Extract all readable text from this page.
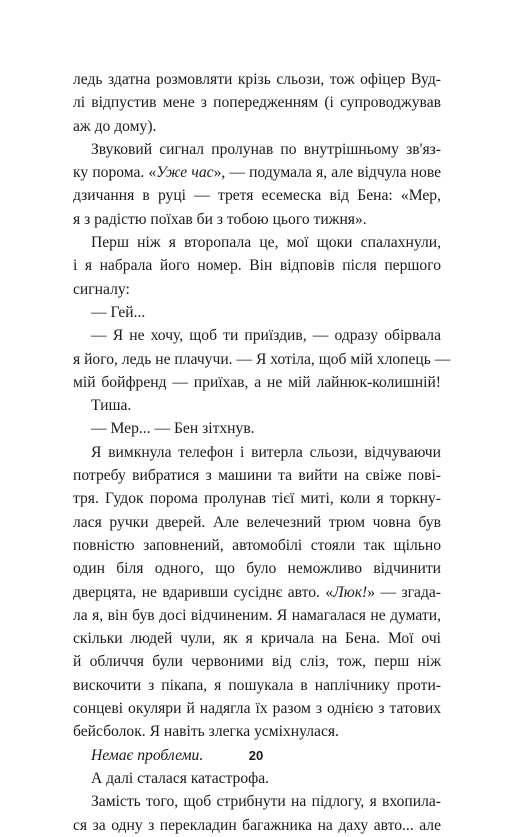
ледь здатна розмовляти крізь сльози, тож офіцер Вуд-
лі відпустив мене з попередженням (і супроводжував
аж до дому).
Звуковий сигнал пролунав по внутрішньому зв'яз-
ку порома. «Уже час», — подумала я, але відчула нове
дзичання в руці — третя есемеска від Бена: «Мер,
я з радістю поїхав би з тобою цього тижня».
Перш ніж я второпала це, мої щоки спалахнули,
і я набрала його номер. Він відповів після першого
сигналу:
— Гей...
— Я не хочу, щоб ти приїздив, — одразу обірвала
я його, ледь не плачучи. — Я хотіла, щоб мій хлопець —
мій бойфренд — приїхав, а не мій лайнюк-колишній!
Тиша.
— Мер... — Бен зітхнув.
Я вимкнула телефон і витерла сльози, відчуваючи
потребу вибратися з машини та вийти на свіже пові-
тря. Гудок порома пролунав тієї миті, коли я торкну-
лася ручки дверей. Але велечезний трюм човна був
повністю заповнений, автомобілі стояли так щільно
один біля одного, що було неможливо відчинити
дверцята, не вдаривши сусіднє авто. «Люк!» — згада-
ла я, він був досі відчиненим. Я намагалася не думати,
скільки людей чули, як я кричала на Бена. Мої очі
й обличчя були червоними від сліз, тож, перш ніж
вискочити з пікапа, я пошукала в наплічнику проти-
сонцеві окуляри й надягла їх разом з однією з татових
бейсболок. Я навіть злегка усміхнулася.
Немає проблеми.
А далі сталася катастрофа.
Замість того, щоб стрибнути на підлогу, я вхопила-
ся за одну з перекладин багажника на даху авто... але
20
